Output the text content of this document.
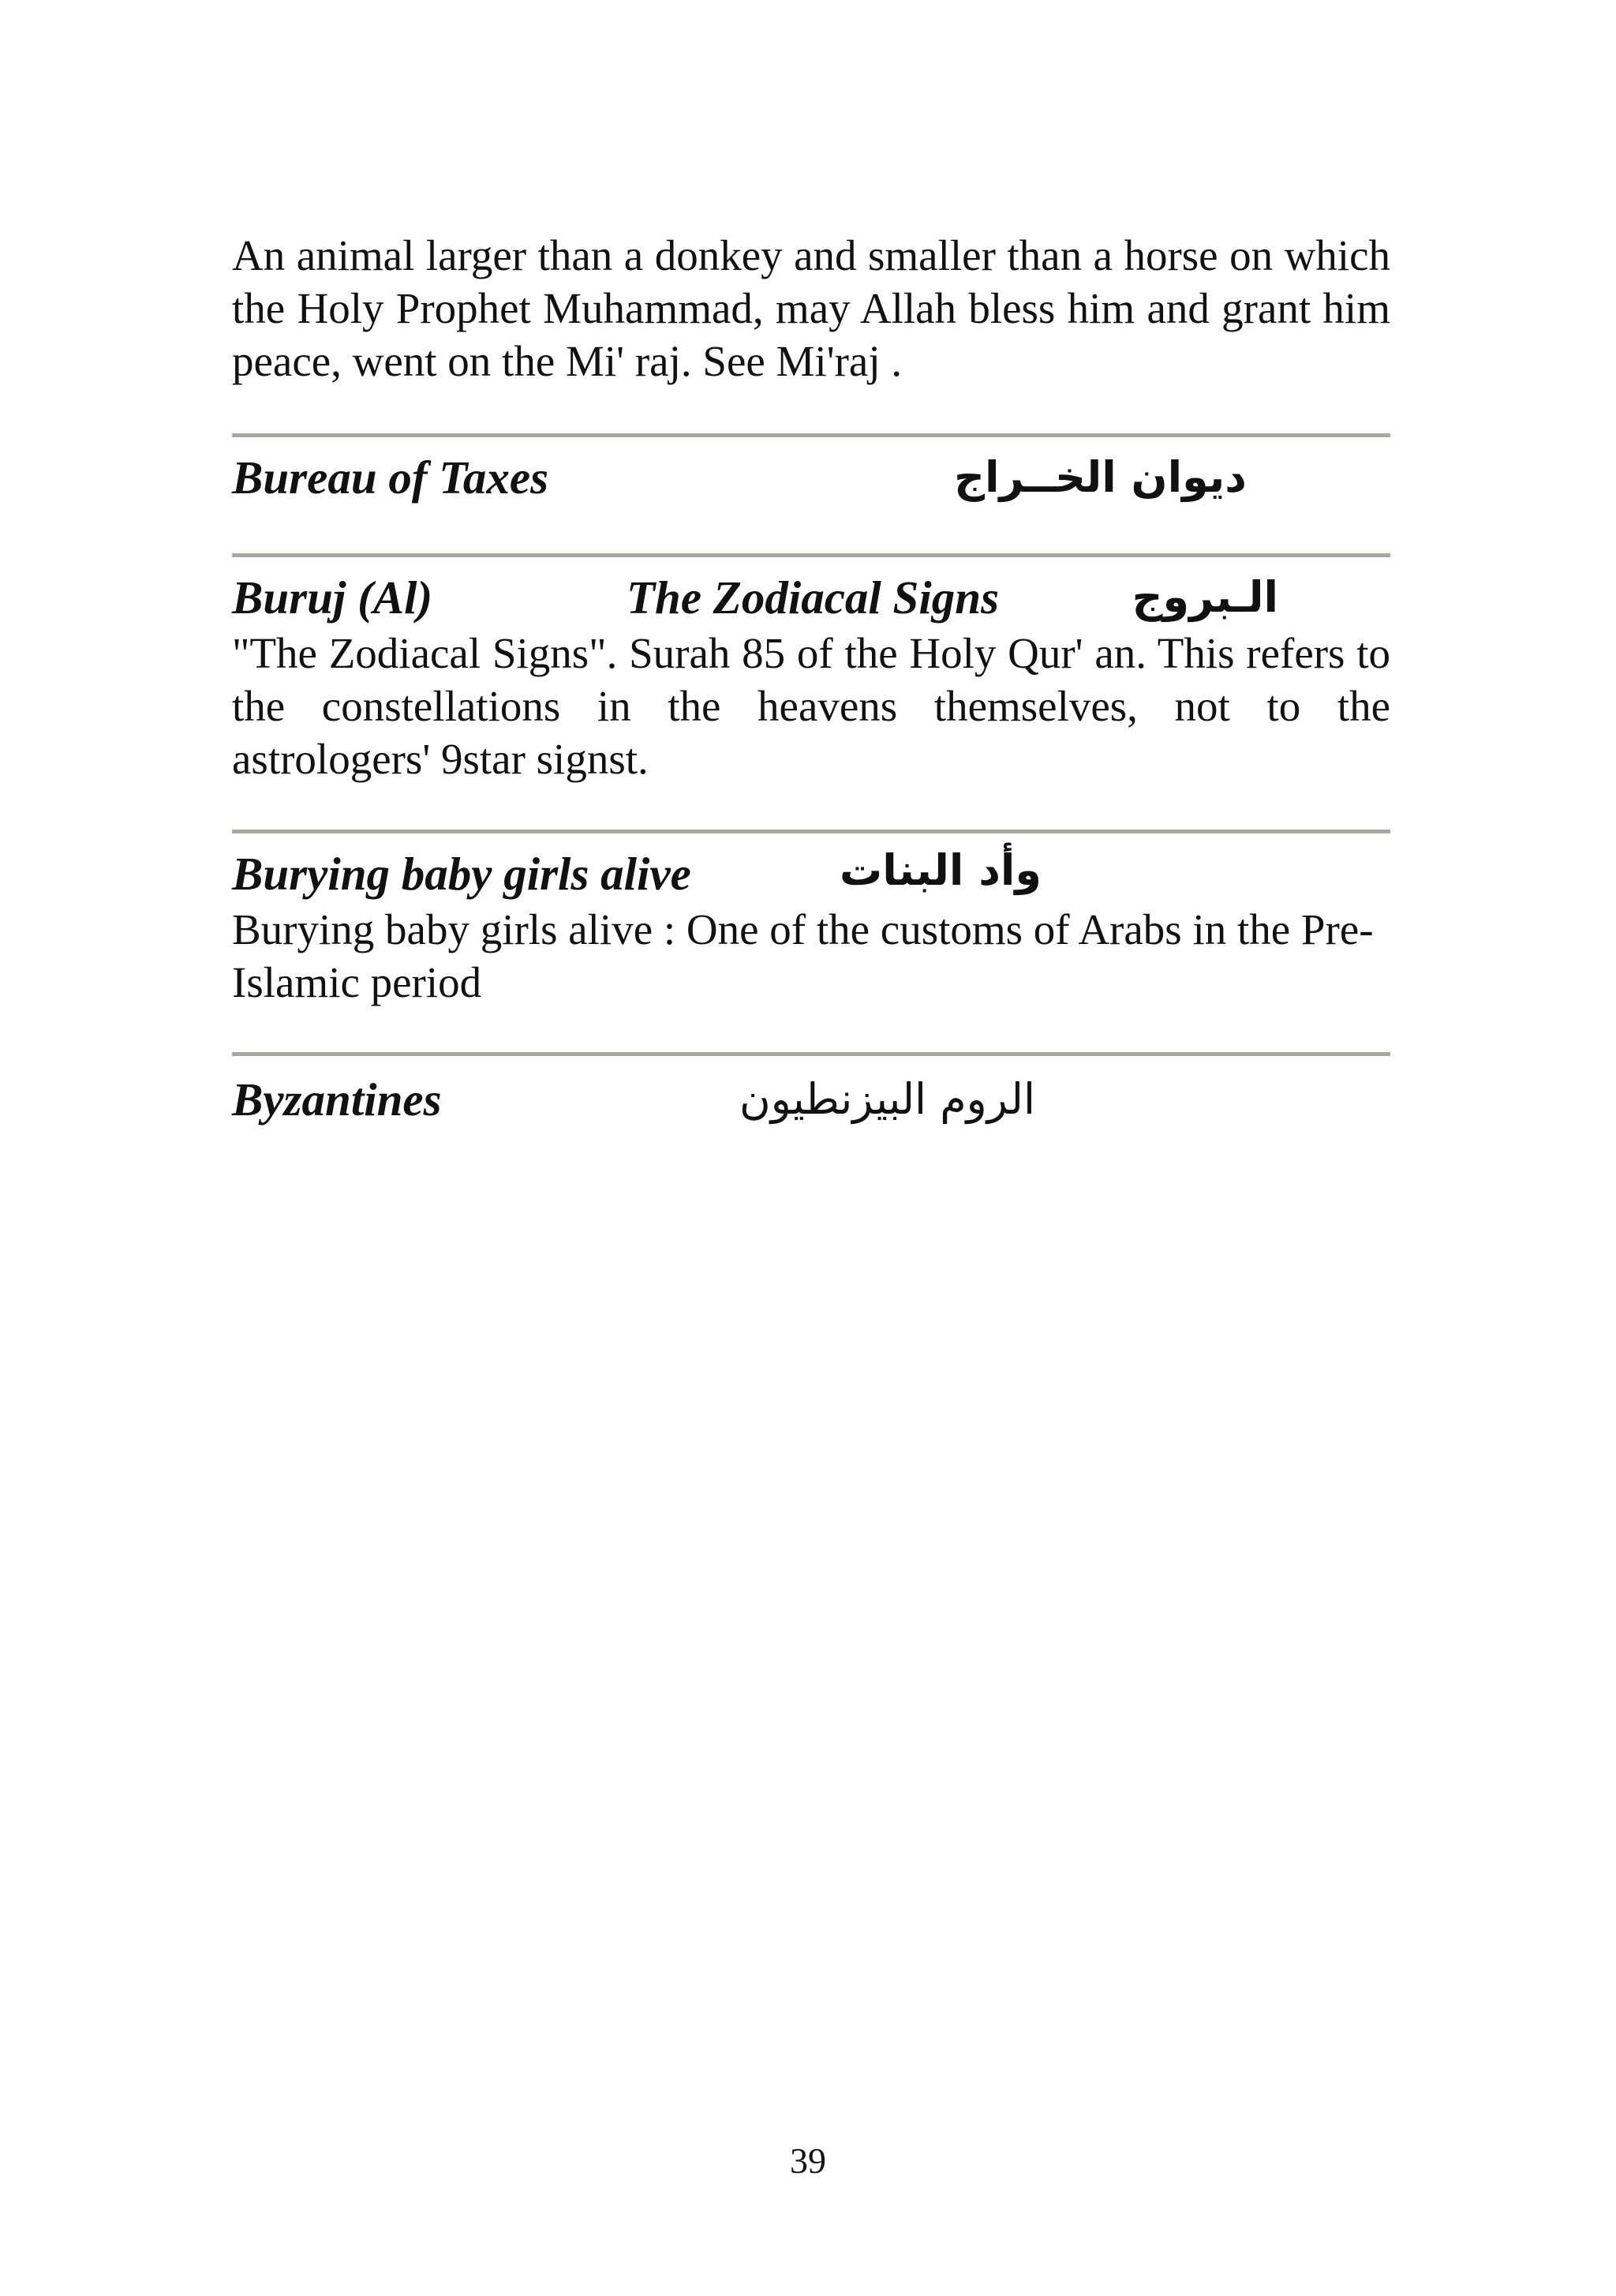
An animal larger than a donkey and smaller than a horse on which the Holy Prophet Muhammad, may Allah bless him and grant him peace, went on the Mi' raj. See Mi'raj .

Bureau of Taxes	ديوان الخــراج
Buruj (Al)	The Zodiacal Signs	الـبروج

"The Zodiacal Signs". Surah 85 of the Holy Qur' an. This refers to the constellations in the heavens themselves, not to the astrologers' 9star signst.

Burying baby girls alive	وأد البنات

Burying baby girls alive : One of the customs of Arabs in the Pre-Islamic period

Byzantines	الروم البيزنطيون
39
